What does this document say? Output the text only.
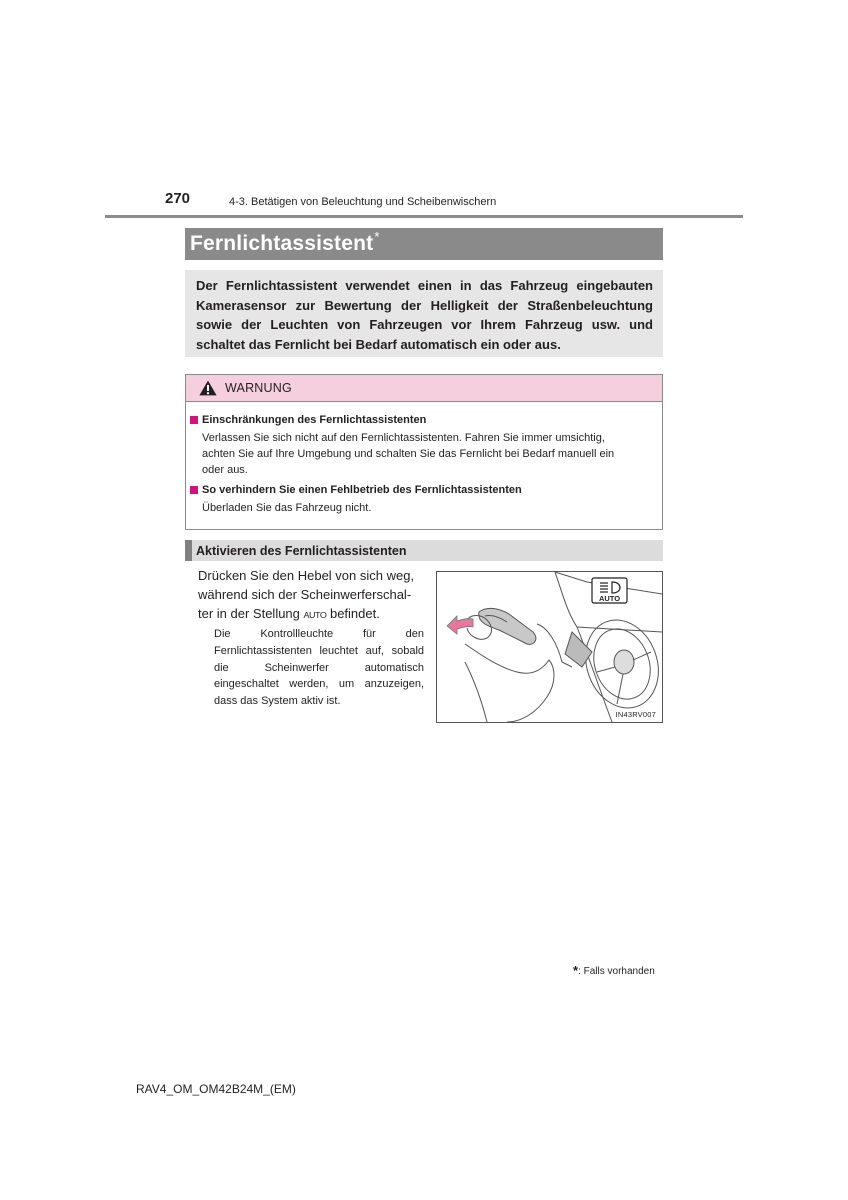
270	4-3. Betätigen von Beleuchtung und Scheibenwischern
Fernlichtassistent *
Der Fernlichtassistent verwendet einen in das Fahrzeug eingebauten Kamerasensor zur Bewertung der Helligkeit der Straßenbeleuchtung sowie der Leuchten von Fahrzeugen vor Ihrem Fahrzeug usw. und schaltet das Fernlicht bei Bedarf automatisch ein oder aus.
WARNUNG
Einschränkungen des Fernlichtassistenten
Verlassen Sie sich nicht auf den Fernlichtassistenten. Fahren Sie immer umsichtig,
achten Sie auf Ihre Umgebung und schalten Sie das Fernlicht bei Bedarf manuell ein
oder aus.
So verhindern Sie einen Fehlbetrieb des Fernlichtassistenten
Überladen Sie das Fahrzeug nicht.
Aktivieren des Fernlichtassistenten
Drücken Sie den Hebel von sich weg,
während sich der Scheinwerferschal-
ter in der Stellung AUTO befindet.
Die Kontrollleuchte für den Fernlichtassistenten leuchtet auf, sobald die Scheinwerfer automatisch eingeschaltet werden, um anzuzeigen, dass das System aktiv ist.
AUTO
IN43RV007
*: Falls vorhanden
RAV4_OM_OM42B24M_(EM)
